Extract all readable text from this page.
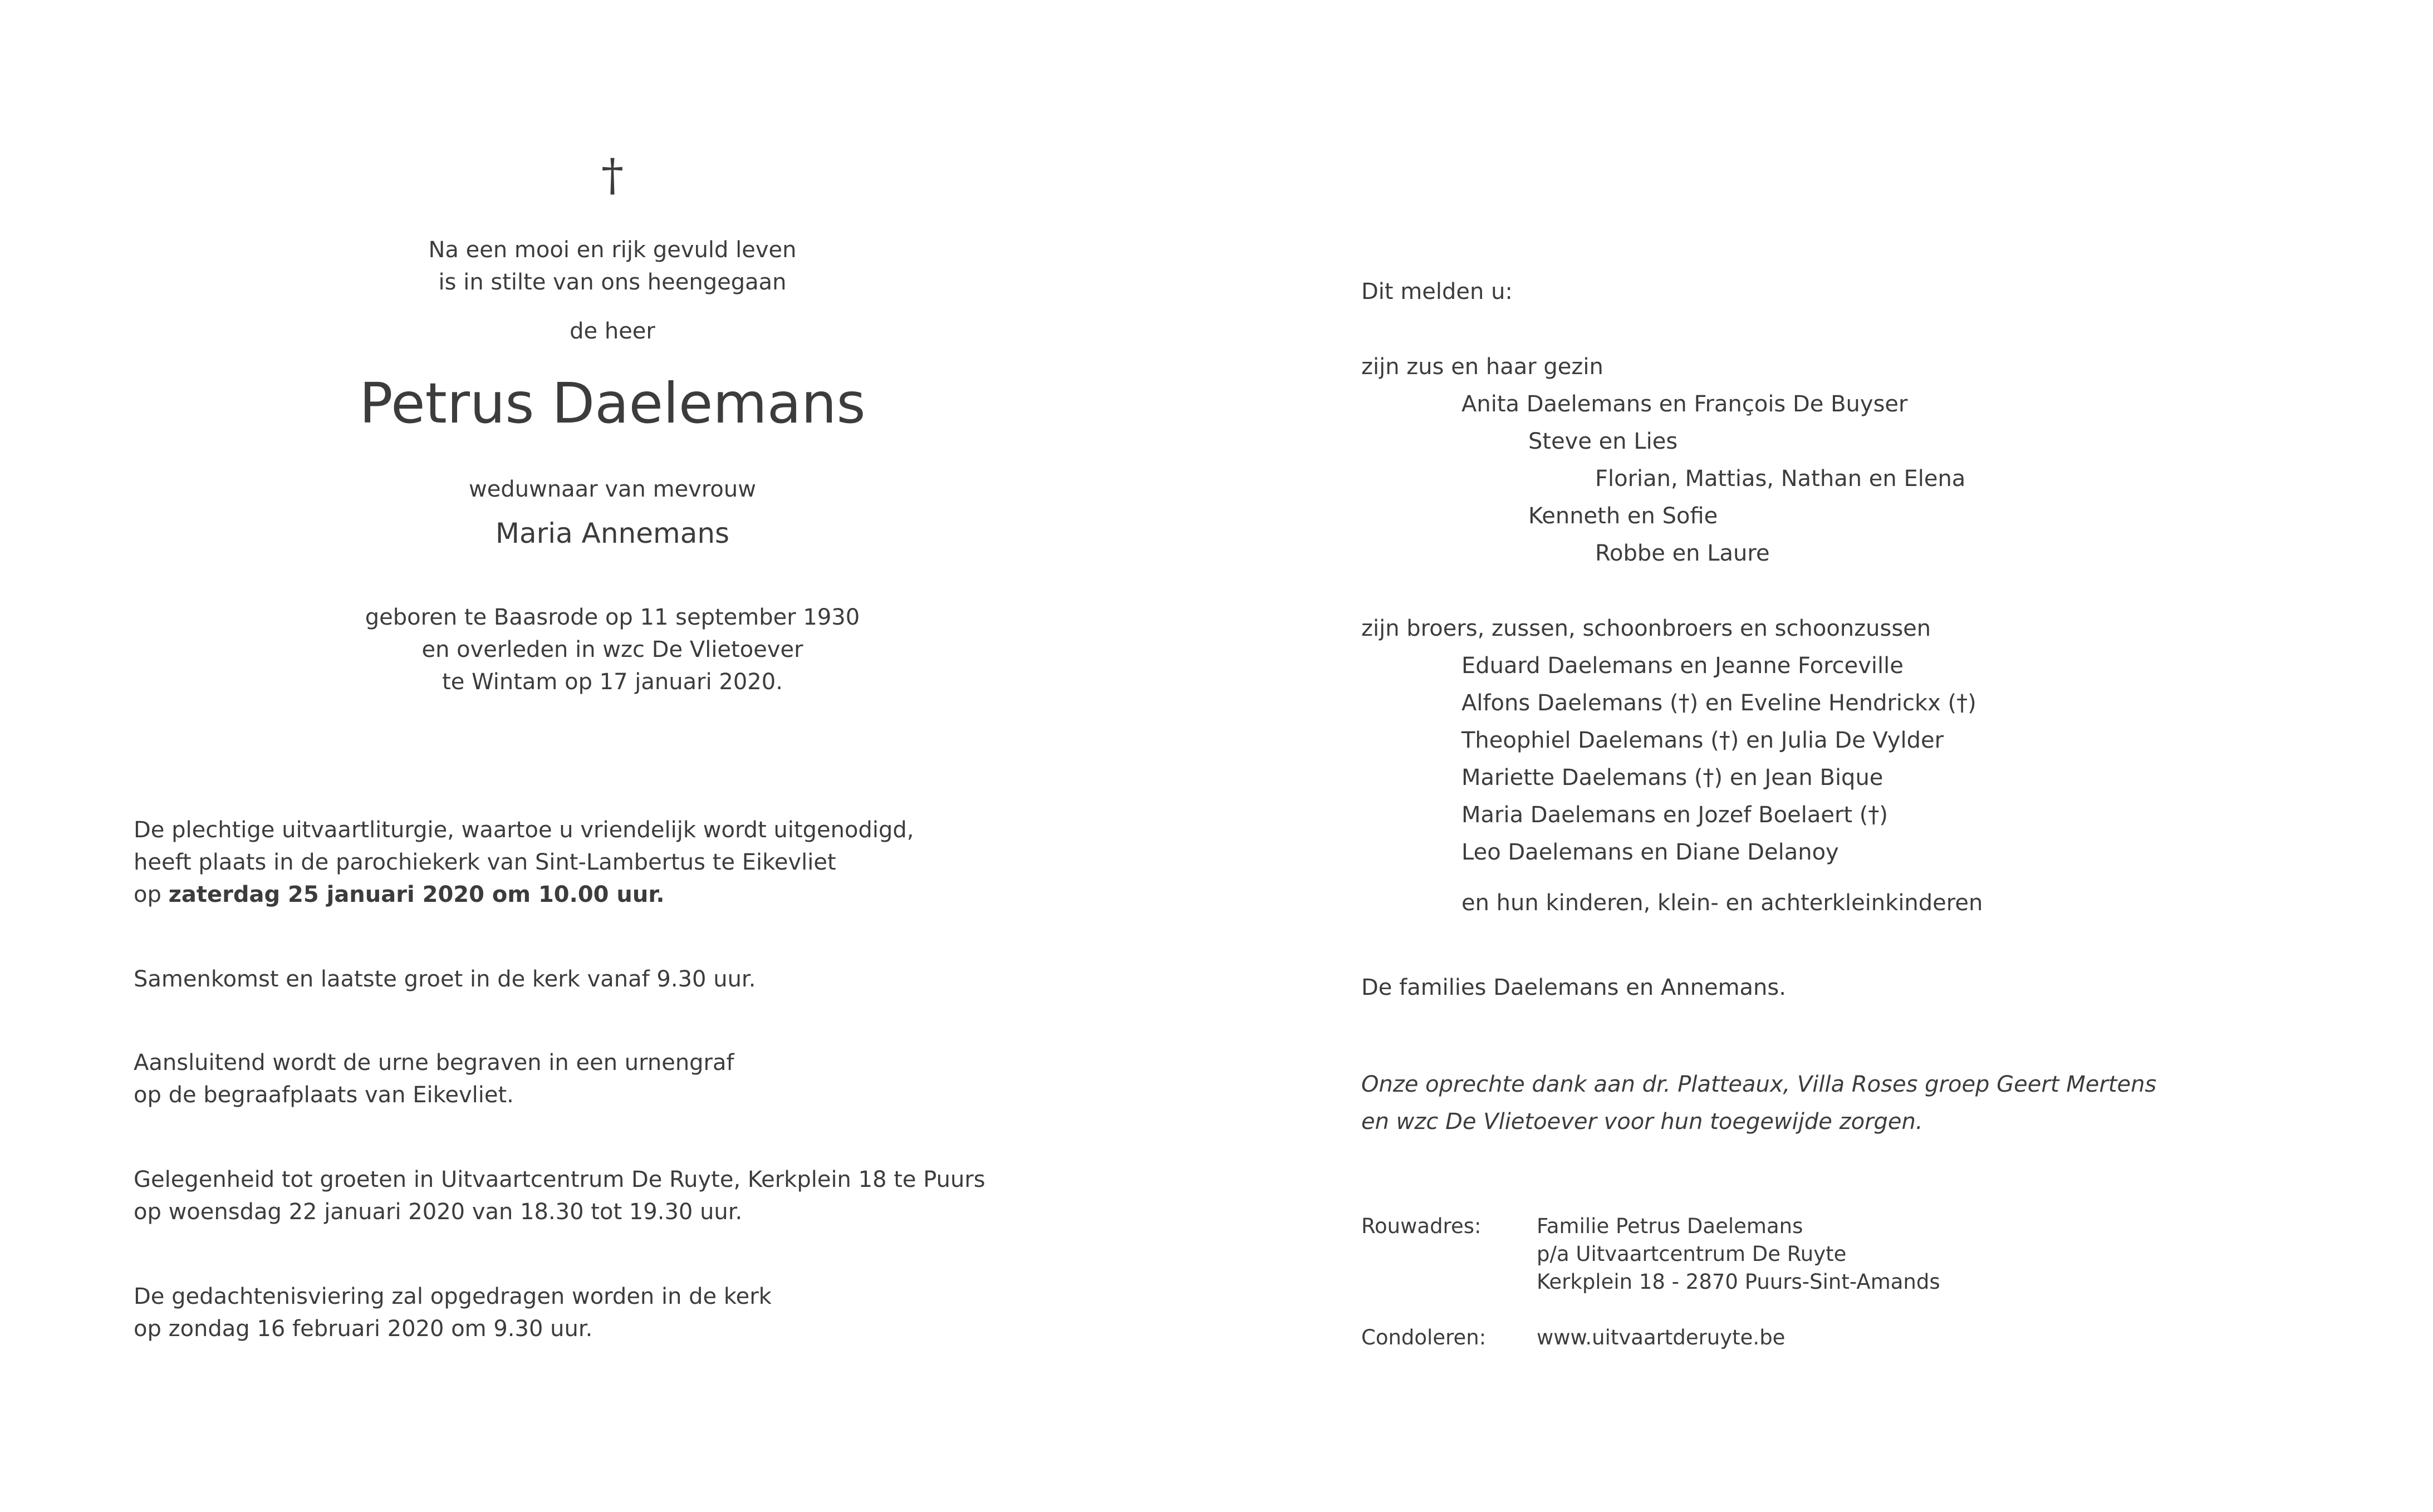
†
Na een mooi en rijk gevuld leven
is in stilte van ons heengegaan
de heer
Petrus Daelemans
weduwnaar van mevrouw
Maria Annemans
geboren te Baasrode op 11 september 1930
en overleden in wzc De Vlietoever
te Wintam op 17 januari 2020.
De plechtige uitvaartliturgie, waartoe u vriendelijk wordt uitgenodigd,
heeft plaats in de parochiekerk van Sint-Lambertus te Eikevliet
op zaterdag 25 januari 2020 om 10.00 uur.
Samenkomst en laatste groet in de kerk vanaf 9.30 uur.
Aansluitend wordt de urne begraven in een urnengraf
op de begraafplaats van Eikevliet.
Gelegenheid tot groeten in Uitvaartcentrum De Ruyte, Kerkplein 18 te Puurs
op woensdag 22 januari 2020 van 18.30 tot 19.30 uur.
De gedachtenisviering zal opgedragen worden in de kerk
op zondag 16 februari 2020 om 9.30 uur.
Dit melden u:
zijn zus en haar gezin
Anita Daelemans en François De Buyser
Steve en Lies
Florian, Mattias, Nathan en Elena
Kenneth en Sofie
Robbe en Laure
zijn broers, zussen, schoonbroers en schoonzussen
Eduard Daelemans en Jeanne Forceville
Alfons Daelemans (†) en Eveline Hendrickx (†)
Theophiel Daelemans (†) en Julia De Vylder
Mariette Daelemans (†) en Jean Bique
Maria Daelemans en Jozef Boelaert (†)
Leo Daelemans en Diane Delanoy
en hun kinderen, klein- en achterkleinkinderen
De families Daelemans en Annemans.
Onze oprechte dank aan dr. Platteaux, Villa Roses groep Geert Mertens
en wzc De Vlietoever voor hun toegewijde zorgen.
Rouwadres:	Familie Petrus Daelemans
p/a Uitvaartcentrum De Ruyte
Kerkplein 18 - 2870 Puurs-Sint-Amands
Condoleren: www.uitvaartderuyte.be
